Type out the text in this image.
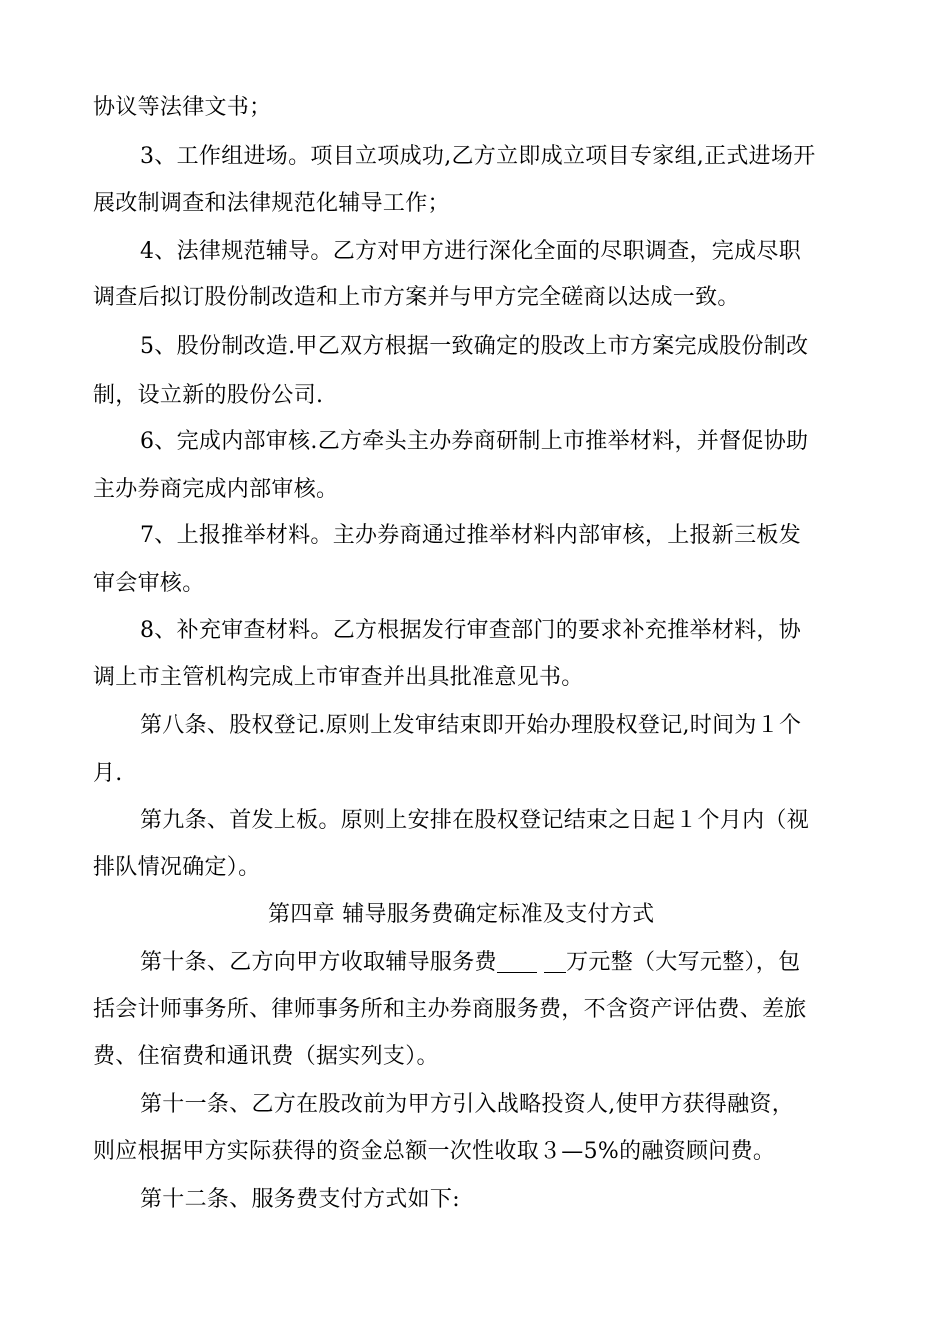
协议等法律文书；
3、工作组进场。项目立项成功,乙方立即成立项目专家组,正式进场开
展改制调查和法律规范化辅导工作；
4、法律规范辅导。乙方对甲方进行深化全面的尽职调查，完成尽职
调查后拟订股份制改造和上市方案并与甲方完全磋商以达成一致。
5、股份制改造.甲乙双方根据一致确定的股改上市方案完成股份制改
制，设立新的股份公司.
6、完成内部审核.乙方牵头主办券商研制上市推举材料，并督促协助
主办券商完成内部审核。
7、上报推举材料。主办券商通过推举材料内部审核，上报新三板发
审会审核。
8、补充审查材料。乙方根据发行审查部门的要求补充推举材料，协
调上市主管机构完成上市审查并出具批准意见书。
第八条、股权登记.原则上发审结束即开始办理股权登记,时间为１个
月.
第九条、首发上板。原则上安排在股权登记结束之日起１个月内（视
排队情况确定）。
第四章 辅导服务费确定标准及支付方式
第十条、乙方向甲方收取辅导服务费	万元整（大写元整），包
括会计师事务所、律师事务所和主办券商服务费，不含资产评估费、差旅
费、住宿费和通讯费（据实列支）。
第十一条、乙方在股改前为甲方引入战略投资人,使甲方获得融资，
则应根据甲方实际获得的资金总额一次性收取３—5%的融资顾问费。
第十二条、服务费支付方式如下:
